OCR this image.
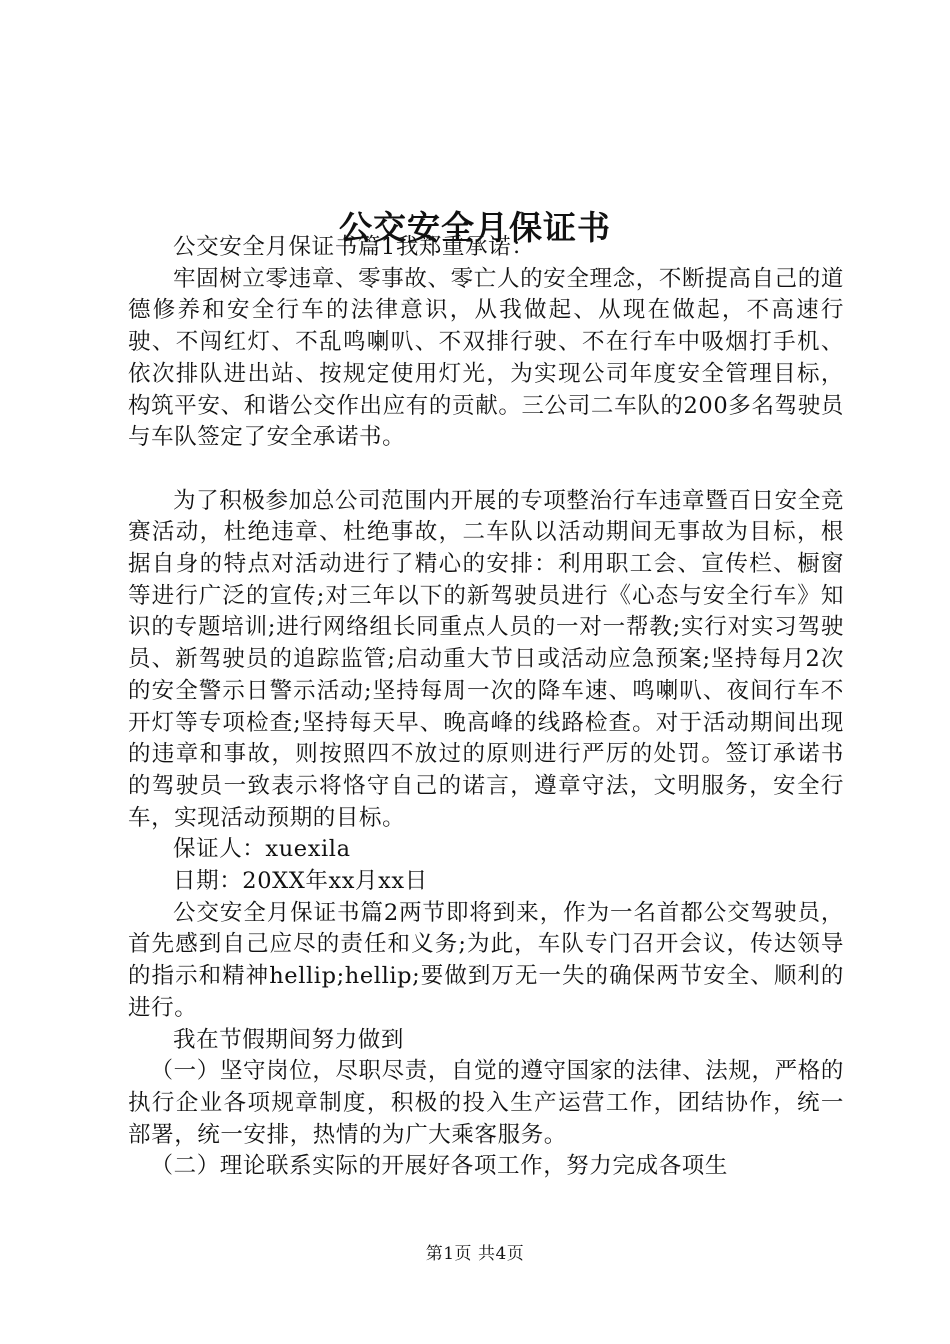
公交安全月保证书

公交安全月保证书篇1我郑重承诺：

牢固树立零违章、零事故、零亡人的安全理念，不断提高自己的道德修养和安全行车的法律意识，从我做起、从现在做起，不高速行驶、不闯红灯、不乱鸣喇叭、不双排行驶、不在行车中吸烟打手机、依次排队进出站、按规定使用灯光，为实现公司年度安全管理目标，构筑平安、和谐公交作出应有的贡献。三公司二车队的200多名驾驶员与车队签定了安全承诺书。

为了积极参加总公司范围内开展的专项整治行车违章暨百日安全竞赛活动，杜绝违章、杜绝事故，二车队以活动期间无事故为目标，根据自身的特点对活动进行了精心的安排：利用职工会、宣传栏、橱窗等进行广泛的宣传;对三年以下的新驾驶员进行《心态与安全行车》知识的专题培训;进行网络组长同重点人员的一对一帮教;实行对实习驾驶员、新驾驶员的追踪监管;启动重大节日或活动应急预案;坚持每月2次的安全警示日警示活动;坚持每周一次的降车速、鸣喇叭、夜间行车不开灯等专项检查;坚持每天早、晚高峰的线路检查。对于活动期间出现的违章和事故，则按照四不放过的原则进行严厉的处罚。签订承诺书的驾驶员一致表示将恪守自己的诺言，遵章守法，文明服务，安全行车，实现活动预期的目标。

保证人：xuexila

日期：20XX年xx月xx日

公交安全月保证书篇2两节即将到来，作为一名首都公交驾驶员，首先感到自己应尽的责任和义务;为此，车队专门召开会议，传达领导的指示和精神hellip;hellip;要做到万无一失的确保两节安全、顺利的进行。

我在节假期间努力做到

（一）坚守岗位，尽职尽责，自觉的遵守国家的法律、法规，严格的执行企业各项规章制度，积极的投入生产运营工作，团结协作，统一部署，统一安排，热情的为广大乘客服务。

（二）理论联系实际的开展好各项工作，努力完成各项生

第1页 共4页
